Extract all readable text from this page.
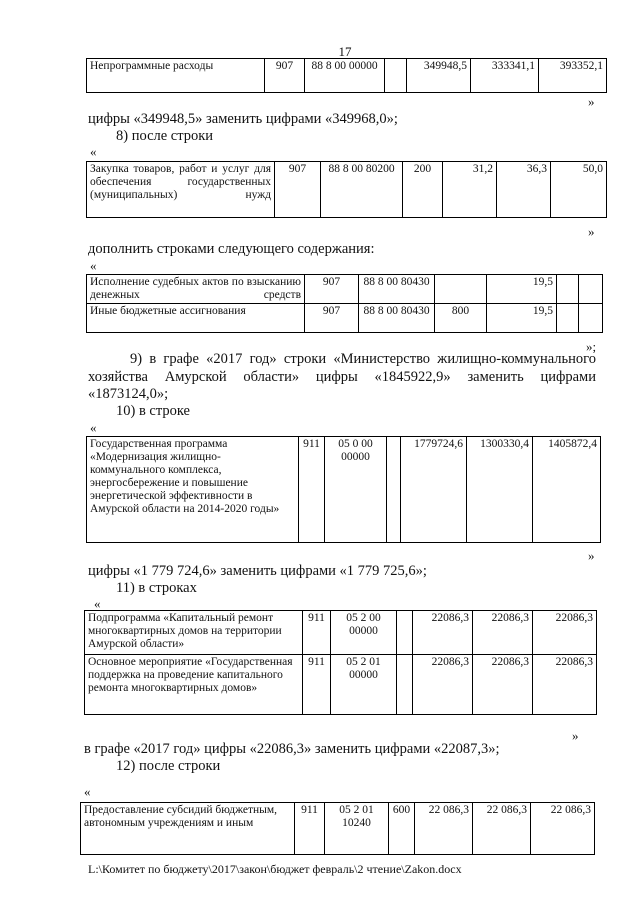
17
Непрограммные расходы	907	88 8 00 00000		349948,5	333341,1	393352,1
»
цифры «349948,5» заменить цифрами «349968,0»;
8) после строки
«
Закупка товаров, работ и услуг для обеспечения государственных (муниципальных) нужд	907	88 8 00 80200	200	31,2	36,3	50,0
»
дополнить строками следующего содержания:
«
Исполнение судебных актов по взысканию денежных средств	907	88 8 00 80430		19,5		
Иные бюджетные ассигнования	907	88 8 00 80430	800	19,5		
»;
9) в графе «2017 год» строки «Министерство жилищно-коммунального
хозяйства Амурской области» цифры «1845922,9» заменить цифрами
«1873124,0»;
10) в строке
«
Государственная программа «Модернизация жилищно-коммунального комплекса, энергосбережение и повышение энергетической эффективности в Амурской области на 2014-2020 годы»	911	05 0 00 00000		1779724,6	1300330,4	1405872,4
»
цифры «1 779 724,6» заменить цифрами «1 779 725,6»;
11) в строках
«
Подпрограмма «Капитальный ремонт многоквартирных домов на территории Амурской области»	911	05 2 00 00000		22086,3	22086,3	22086,3
Основное мероприятие «Государственная поддержка на проведение капитального ремонта многоквартирных домов»	911	05 2 01 00000		22086,3	22086,3	22086,3
»
в графе «2017 год» цифры «22086,3» заменить цифрами «22087,3»;
12) после строки
«
Предоставление субсидий бюджетным, автономным учреждениям и иным	911	05 2 01 10240	600	22 086,3	22 086,3	22 086,3
L:\Комитет по бюджету\2017\закон\бюджет февраль\2 чтение\Zakon.docx
